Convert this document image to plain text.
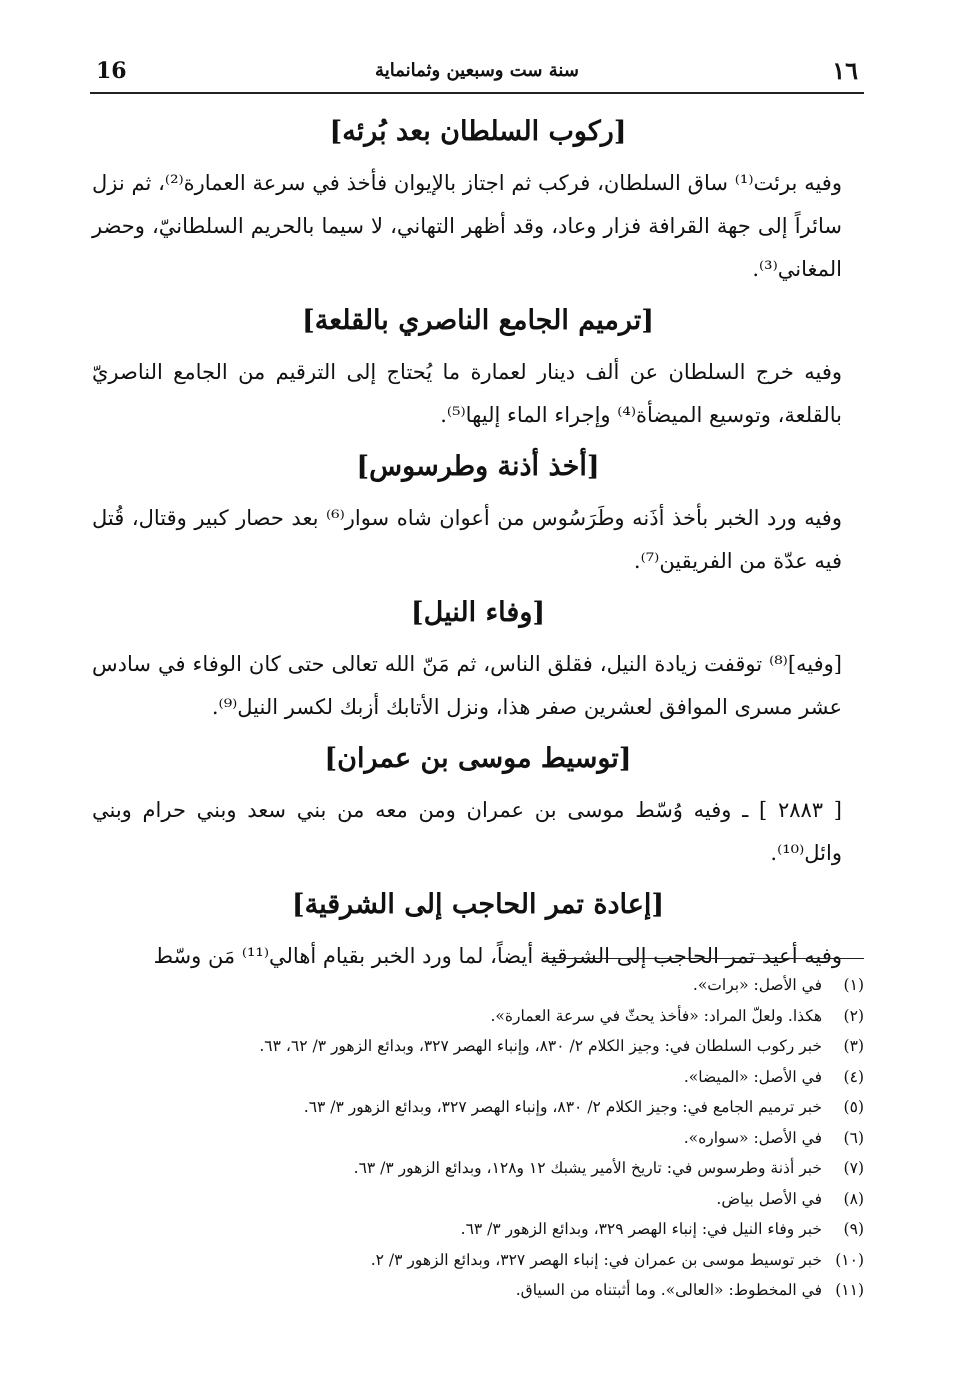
16	سنة ست وسبعين وثمانماية	١٦
[ركوب السلطان بعد بُرئه]

وفيه برئت⁽¹⁾ ساق السلطان، فركب ثم اجتاز بالإيوان فأخذ في سرعة العمارة⁽²⁾، ثم نزل سائراً إلى جهة القرافة فزار وعاد، وقد أظهر التهاني، لا سيما بالحريم السلطانيّ، وحضر المغاني⁽³⁾.

[ترميم الجامع الناصري بالقلعة]

وفيه خرج السلطان عن ألف دينار لعمارة ما يُحتاج إلى الترقيم من الجامع الناصريّ بالقلعة، وتوسيع الميضأة⁽⁴⁾ وإجراء الماء إليها⁽⁵⁾.

[أخذ أذنة وطرسوس]

وفيه ورد الخبر بأخذ أذَنه وطَرَسُوس من أعوان شاه سوار⁽⁶⁾ بعد حصار كبير وقتال، قُتل فيه عدّة من الفريقين⁽⁷⁾.

[وفاء النيل]

[وفيه]⁽⁸⁾ توقفت زيادة النيل، فقلق الناس، ثم مَنّ الله تعالى حتى كان الوفاء في سادس عشر مسرى الموافق لعشرين صفر هذا، ونزل الأتابك أزبك لكسر النيل⁽⁹⁾.

[توسيط موسى بن عمران]

[ ٢٨٨٣ ] ـ وفيه وُسّط موسى بن عمران ومن معه من بني سعد وبني حرام وبني وائل⁽¹⁰⁾.

[إعادة تمر الحاجب إلى الشرقية]

وفيه أعيد تمر الحاجب إلى الشرقية أيضاً، لما ورد الخبر بقيام أهالي⁽¹¹⁾ مَن وسّط

(١)
في الأصل: «برات».
(٢)
هكذا. ولعلّ المراد: «فأخذ يحثّ في سرعة العمارة».
(٣)
خبر ركوب السلطان في: وجيز الكلام ٢/ ٨٣٠، وإنباء الهصر ٣٢٧، وبدائع الزهور ٣/ ٦٢، ٦٣.
(٤)
في الأصل: «الميضا».
(٥)
خبر ترميم الجامع في: وجيز الكلام ٢/ ٨٣٠، وإنباء الهصر ٣٢٧، وبدائع الزهور ٣/ ٦٣.
(٦)
في الأصل: «سواره».
(٧)
خبر أذنة وطرسوس في: تاريخ الأمير يشبك ١٢ و١٢٨، وبدائع الزهور ٣/ ٦٣.
(٨)
في الأصل بياض.
(٩)
خبر وفاء النيل في: إنباء الهصر ٣٢٩، وبدائع الزهور ٣/ ٦٣.
(١٠)
خبر توسيط موسى بن عمران في: إنباء الهصر ٣٢٧، وبدائع الزهور ٣/ ٢.
(١١)
في المخطوط: «العالى». وما أثبتناه من السياق.
